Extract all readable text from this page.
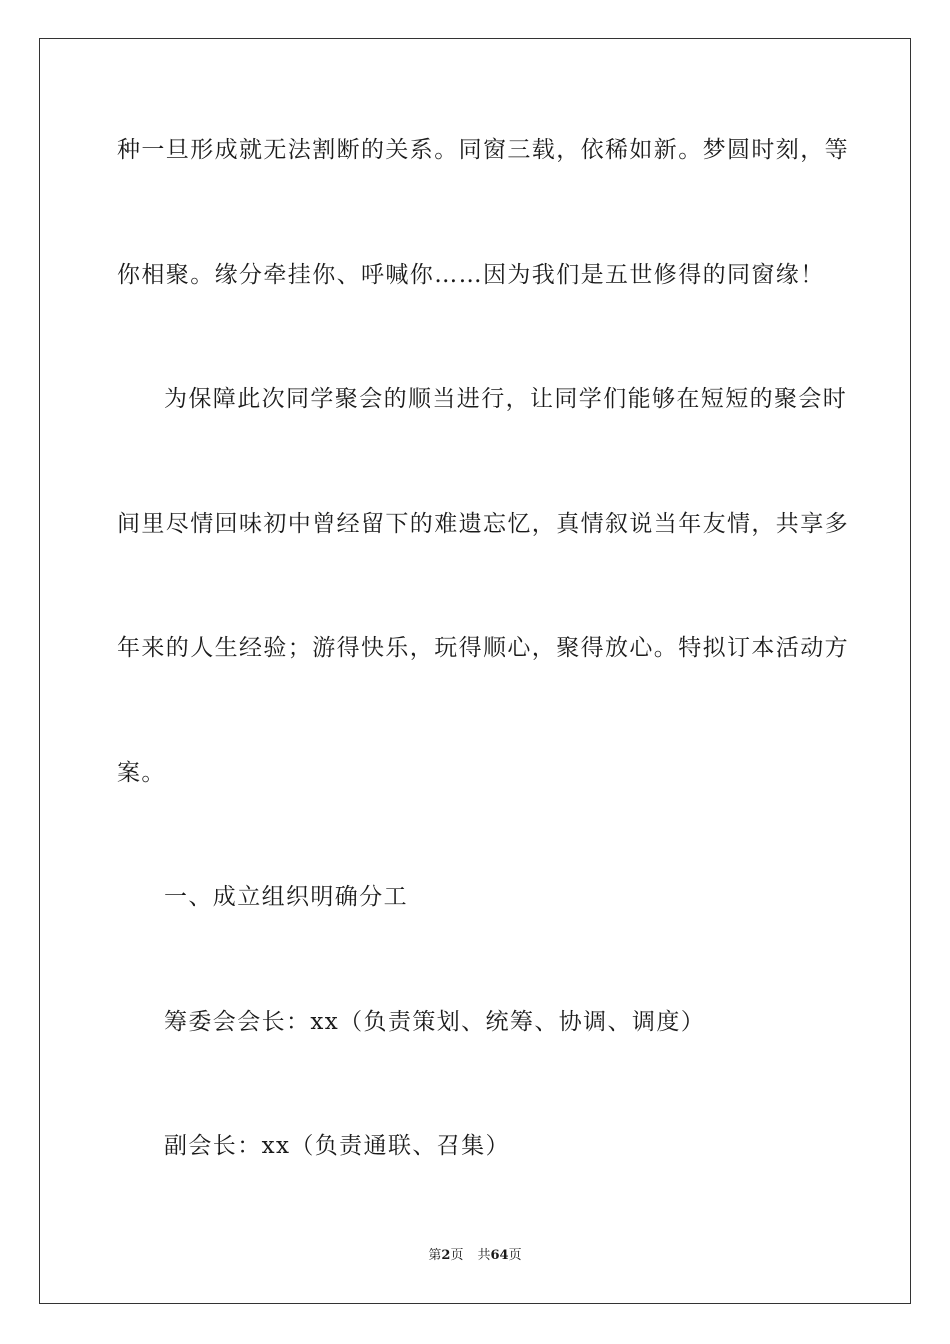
种一旦形成就无法割断的关系。同窗三载，依稀如新。梦圆时刻，等
你相聚。缘分牵挂你、呼喊你……因为我们是五世修得的同窗缘！
为保障此次同学聚会的顺当进行，让同学们能够在短短的聚会时
间里尽情回味初中曾经留下的难遗忘忆，真情叙说当年友情，共享多
年来的人生经验；游得快乐，玩得顺心，聚得放心。特拟订本活动方
案。
一、成立组织明确分工
筹委会会长：xx（负责策划、统筹、协调、调度）
副会长：xx（负责通联、召集）
第2页 共64页
